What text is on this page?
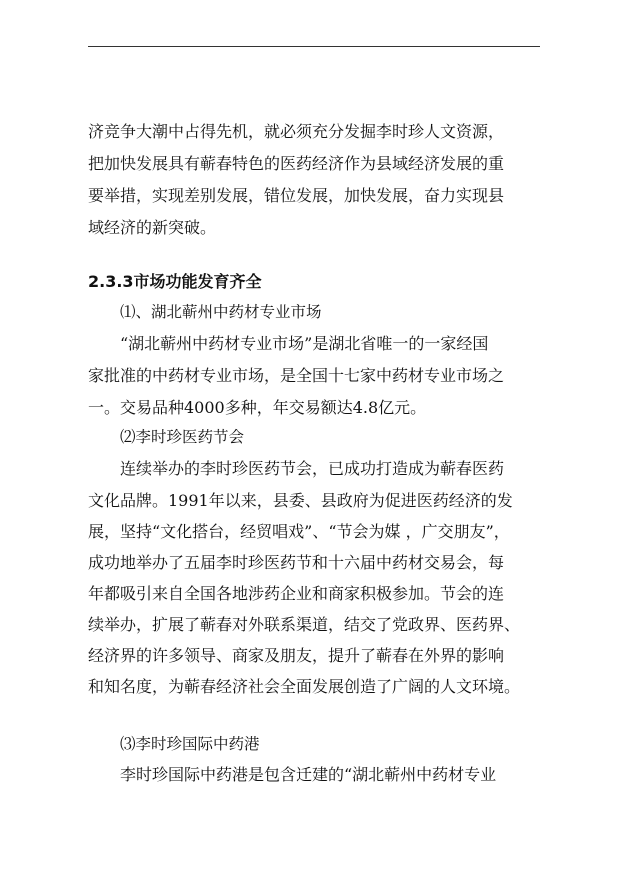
济竞争大潮中占得先机，就必须充分发掘李时珍人文资源，
把加快发展具有蕲春特色的医药经济作为县域经济发展的重
要举措，实现差别发展，错位发展，加快发展，奋力实现县
域经济的新突破。
2.3.3市场功能发育齐全
⑴、湖北蕲州中药材专业市场
“湖北蕲州中药材专业市场”是湖北省唯一的一家经国
家批准的中药材专业市场，是全国十七家中药材专业市场之
一。交易品种4000多种，年交易额达4.8亿元。
⑵李时珍医药节会
连续举办的李时珍医药节会，已成功打造成为蕲春医药
文化品牌。1991年以来，县委、县政府为促进医药经济的发
展，坚持“文化搭台，经贸唱戏”、“节会为媒 ，广交朋友”，
成功地举办了五届李时珍医药节和十六届中药材交易会，每
年都吸引来自全国各地涉药企业和商家积极参加。节会的连
续举办，扩展了蕲春对外联系渠道，结交了党政界、医药界、
经济界的许多领导、商家及朋友，提升了蕲春在外界的影响
和知名度，为蕲春经济社会全面发展创造了广阔的人文环境。
⑶李时珍国际中药港
李时珍国际中药港是包含迁建的“湖北蕲州中药材专业
